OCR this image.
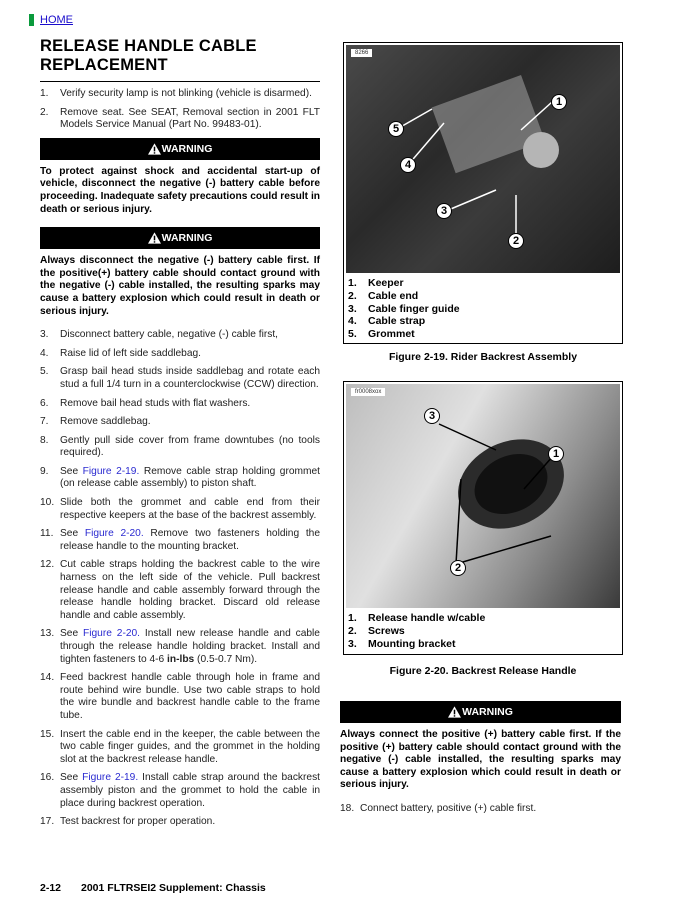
HOME
RELEASE HANDLE CABLE REPLACEMENT
1.	Verify security lamp is not blinking (vehicle is disarmed).
2.	Remove seat. See SEAT, Removal section in 2001 FLT Models Service Manual (Part No. 99483-01).
WARNING
To protect against shock and accidental start-up of vehicle, disconnect the negative (-) battery cable before proceeding. Inadequate safety precautions could result in death or serious injury.
WARNING
Always disconnect the negative (-) battery cable first. If the positive(+) battery cable should contact ground with the negative (-) cable installed, the resulting sparks may cause a battery explosion which could result in death or serious injury.
3.	Disconnect battery cable, negative (-) cable first,
4.	Raise lid of left side saddlebag.
5.	Grasp bail head studs inside saddlebag and rotate each stud a full 1/4 turn in a counterclockwise (CCW) direction.
6.	Remove bail head studs with flat washers.
7.	Remove saddlebag.
8.	Gently pull side cover from frame downtubes (no tools required).
9.	See Figure 2-19. Remove cable strap holding grommet (on release cable assembly) to piston shaft.
10. Slide both the grommet and cable end from their respective keepers at the base of the backrest assembly.
11. See Figure 2-20. Remove two fasteners holding the release handle to the mounting bracket.
12. Cut cable straps holding the backrest cable to the wire harness on the left side of the vehicle. Pull backrest release handle and cable assembly forward through the release handle holding bracket. Discard old release handle and cable assembly.
13. See Figure 2-20. Install new release handle and cable through the release handle holding bracket. Install and tighten fasteners to 4-6 in-lbs (0.5-0.7 Nm).
14. Feed backrest handle cable through hole in frame and route behind wire bundle. Use two cable straps to hold the wire bundle and backrest handle cable to the frame tube.
15. Insert the cable end in the keeper, the cable between the two cable finger guides, and the grommet in the holding slot at the backrest release handle.
16. See Figure 2-19. Install cable strap around the backrest assembly piston and the grommet to hold the cable in place during backrest operation.
17. Test backrest for proper operation.
8266
1
2
3
4
5
1.	Keeper
2.	Cable end
3.	Cable finger guide
4.	Cable strap
5.	Grommet
Figure 2-19. Rider Backrest Assembly
fr0008xox
1
2
3
1.	Release handle w/cable
2.	Screws
3.	Mounting bracket
Figure 2-20. Backrest Release Handle
WARNING
Always connect the positive (+) battery cable first. If the positive (+) battery cable should contact ground with the negative (-) cable installed, the resulting sparks may cause a battery explosion which could result in death or serious injury.
18. Connect battery, positive (+) cable first.
2-12	2001 FLTRSEI2 Supplement: Chassis
